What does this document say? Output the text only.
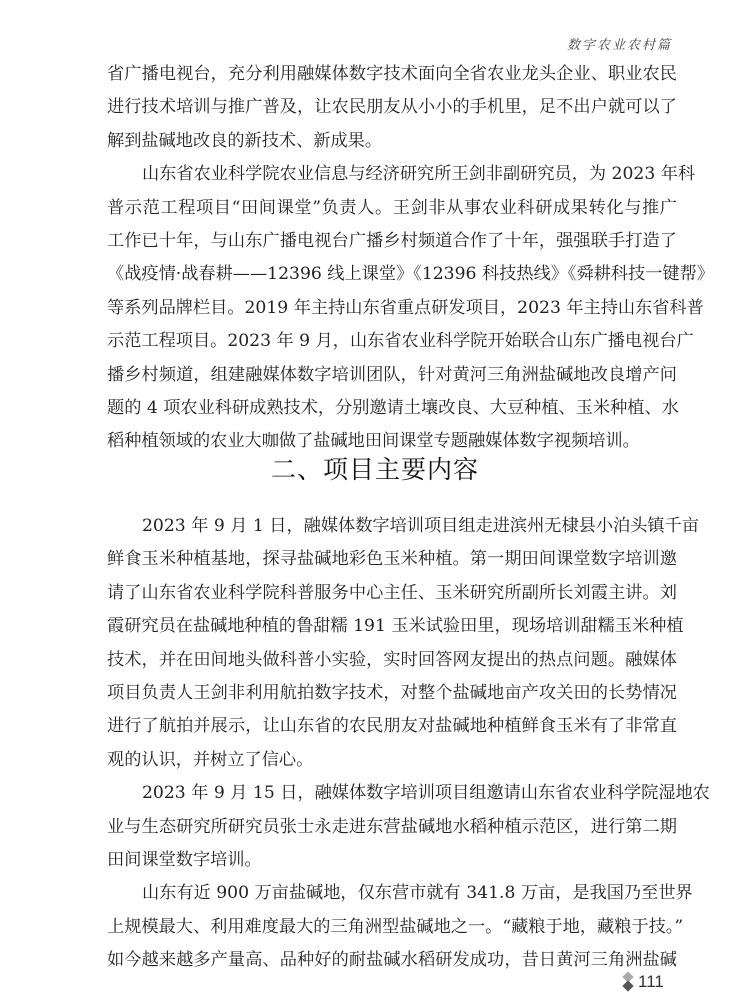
数字农业农村篇
省广播电视台，充分利用融媒体数字技术面向全省农业龙头企业、职业农民
进行技术培训与推广普及，让农民朋友从小小的手机里，足不出户就可以了
解到盐碱地改良的新技术、新成果。
山东省农业科学院农业信息与经济研究所王剑非副研究员，为 2023 年科
普示范工程项目“田间课堂”负责人。王剑非从事农业科研成果转化与推广
工作已十年，与山东广播电视台广播乡村频道合作了十年，强强联手打造了
《战疫情·战春耕——12396 线上课堂》《12396 科技热线》《舜耕科技一键帮》
等系列品牌栏目。2019 年主持山东省重点研发项目，2023 年主持山东省科普
示范工程项目。2023 年 9 月，山东省农业科学院开始联合山东广播电视台广
播乡村频道，组建融媒体数字培训团队，针对黄河三角洲盐碱地改良增产问
题的 4 项农业科研成熟技术，分别邀请土壤改良、大豆种植、玉米种植、水
稻种植领域的农业大咖做了盐碱地田间课堂专题融媒体数字视频培训。
二、项目主要内容
2023 年 9 月 1 日，融媒体数字培训项目组走进滨州无棣县小泊头镇千亩
鲜食玉米种植基地，探寻盐碱地彩色玉米种植。第一期田间课堂数字培训邀
请了山东省农业科学院科普服务中心主任、玉米研究所副所长刘霞主讲。刘
霞研究员在盐碱地种植的鲁甜糯 191 玉米试验田里，现场培训甜糯玉米种植
技术，并在田间地头做科普小实验，实时回答网友提出的热点问题。融媒体
项目负责人王剑非利用航拍数字技术，对整个盐碱地亩产攻关田的长势情况
进行了航拍并展示，让山东省的农民朋友对盐碱地种植鲜食玉米有了非常直
观的认识，并树立了信心。
2023 年 9 月 15 日，融媒体数字培训项目组邀请山东省农业科学院湿地农
业与生态研究所研究员张士永走进东营盐碱地水稻种植示范区，进行第二期
田间课堂数字培训。
山东有近 900 万亩盐碱地，仅东营市就有 341.8 万亩，是我国乃至世界
上规模最大、利用难度最大的三角洲型盐碱地之一。“藏粮于地，藏粮于技。”
如今越来越多产量高、品种好的耐盐碱水稻研发成功，昔日黄河三角洲盐碱
111
